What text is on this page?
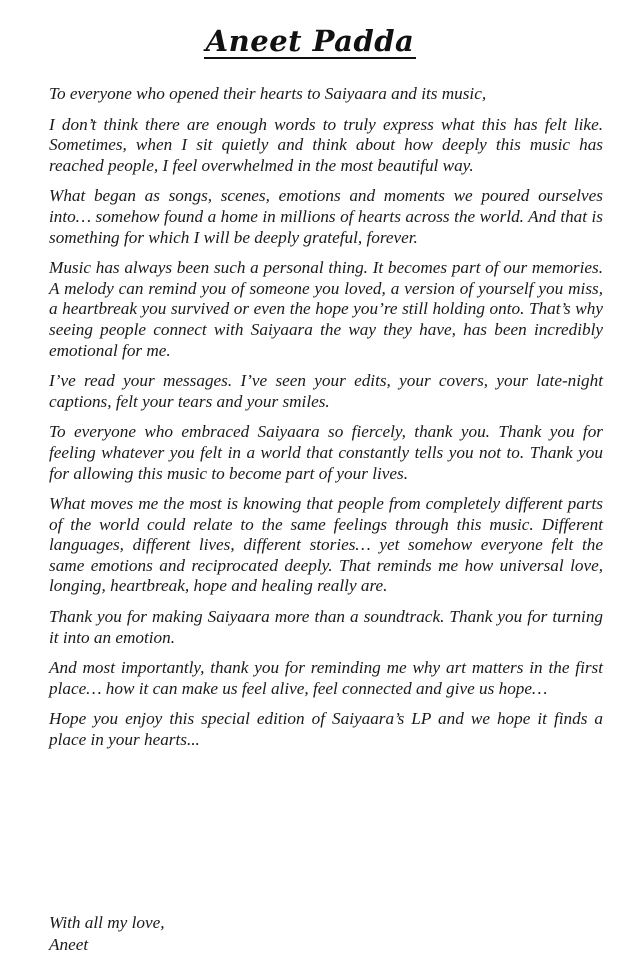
Aneet Padda

To everyone who opened their hearts to Saiyaara and its music,

I don’t think there are enough words to truly express what this has felt like. Sometimes, when I sit quietly and think about how deeply this music has reached people, I feel overwhelmed in the most beautiful way.

What began as songs, scenes, emotions and moments we poured ourselves into… somehow found a home in millions of hearts across the world. And that is something for which I will be deeply grateful, forever.

Music has always been such a personal thing. It becomes part of our memories. A melody can remind you of someone you loved, a version of yourself you miss, a heartbreak you survived or even the hope you’re still holding onto. That’s why seeing people connect with Saiyaara the way they have, has been incredibly emotional for me.

I’ve read your messages. I’ve seen your edits, your covers, your late-night captions, felt your tears and your smiles.

To everyone who embraced Saiyaara so fiercely, thank you. Thank you for feeling whatever you felt in a world that constantly tells you not to. Thank you for allowing this music to become part of your lives.

What moves me the most is knowing that people from completely different parts of the world could relate to the same feelings through this music. Different languages, different lives, different stories… yet somehow everyone felt the same emotions and reciprocated deeply. That reminds me how universal love, longing, heartbreak, hope and healing really are.

Thank you for making Saiyaara more than a soundtrack. Thank you for turning it into an emotion.

And most importantly, thank you for reminding me why art matters in the first place… how it can make us feel alive, feel connected and give us hope…

Hope you enjoy this special edition of Saiyaara’s LP and we hope it finds a place in your hearts...

With all my love,
Aneet
